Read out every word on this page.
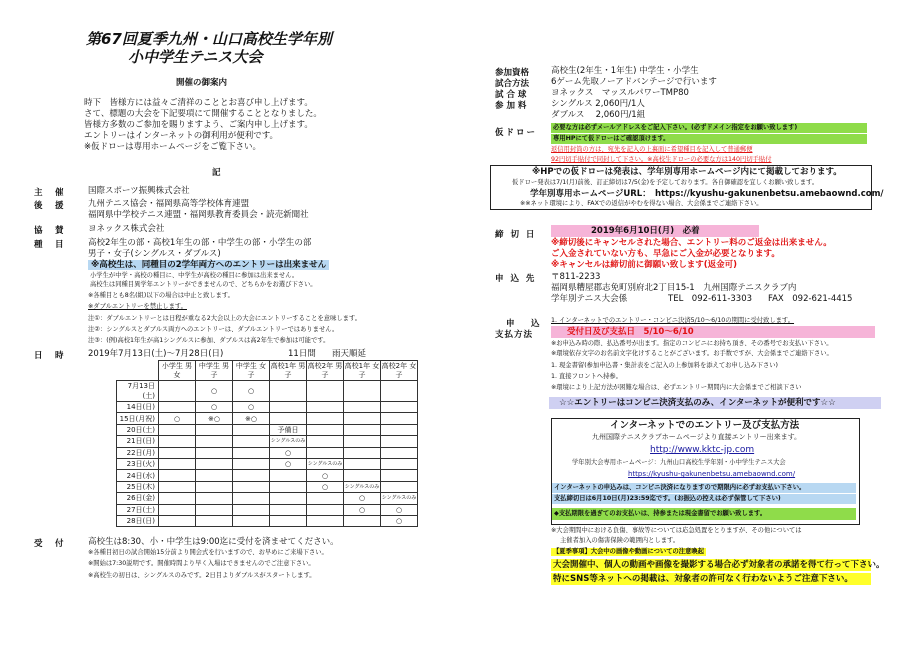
第67回夏季九州・山口高校生学年別
小中学生テニス大会
開催の御案内
時下　皆様方には益々ご清祥のこととお喜び申し上げます。
さて、標題の大会を下記要項にて開催することとなりました。
皆様方多数のご参加を賜りますよう、ご案内申し上げます。
エントリーはインターネットの御利用が便利です。
※仮ドローは専用ホームページをご覧下さい。
記
主　催	国際スポーツ振興株式会社
後　援	九州テニス協会・福岡県高等学校体育連盟
福岡県中学校テニス連盟・福岡県教育委員会・読売新聞社
協　賛	ヨネックス株式会社
種　目	高校2年生の部・高校1年生の部・中学生の部・小学生の部
男子・女子(シングルス・ダブルス)
※高校生は、同種目の2学年両方へのエントリーは出来ません
小学生が中学・高校の種目に、中学生が高校の種目に参加は出来ません。
高校生は同種目異学年エントリーができませんので、どちらかをお選び下さい。
※各種目とも8名(組)以下の場合は中止と致します。
※ダブルエントリーを禁止します。
注①：ダブルエントリーとは日程が重なる2大会以上の大会にエントリーすることを意味します。
注②：シングルスとダブルス両方へのエントリーは、ダブルエントリーではありません。
注③：(例)高校1年生が高1シングルスに参加、ダブルスは高2年生で参加は可能です。
日　時	2019年7月13日(土)～7月28日(日)	11日間 雨天順延
	小学生 男女	中学生 男子	中学生 女子	高校1年 男子	高校2年 男子	高校1年 女子	高校2年 女子
7月13日(土)		○	○				
14日(日)		○	○				
15日(月祝)	○	※○	※○				
20日(土)				予備日			
21日(日)				シングルスのみ			
22日(月)				○			
23日(火)				○	シングルスのみ		
24日(水)					○		
25日(木)					○	シングルスのみ	
26日(金)						○	シングルスのみ
27日(土)						○	○
28日(日)							○
受　付	高校生は8:30、小・中学生は9:00迄に受付を済ませてください。
※各種目初日の試合開始15分前より開会式を行いますので、お早めにご来場下さい。
※開始は7:30説明です。開催時間より早く入場はできませんのでご注意下さい。
※高校生の初日は、シングルスのみです。2日目よりダブルスがスタートします。
参加資格	高校生(2年生・1年生) 中学生・小学生
試合方法	6ゲーム先取ノーアドバンテージで行います
試 合 球	ヨネックス　マッスルパワーTMP80
参 加 料	シングルス 2,060円/1人
ダブルス　 2,060円/1組
仮ドロー
必要な方は必ずメールアドレスをご記入下さい。(必ずドメイン指定をお願い致します)
専用HPにて仮ドローはご確認頂けます。
返信用封筒の方は、宛先を記入の上裏面に希望種目を記入して普通郵便
92円切手貼付で同封して下さい。※高校生ドローの必要な方は140円切手貼付
※HPでの仮ドローは発表は、学年別専用ホームページ内にて掲載しております。
仮ドロー発表は7/1(月)前後、訂正締切は7/5(金)を予定しております。各自御確認を宜しくお願い致します。
学年別専用ホームページURL：　https://kyushu-gakunenbetsu.amebaownd.com/
※※ネット環境により、FAXでの返信がやむを得ない場合、大会係までご連絡下さい。
締 切 日	2019年6月10日(月)　必着
※締切後にキャンセルされた場合、エントリー料のご返金は出来ません。
ご入金されていない方も、早急にご入金が必要となります。
※キャンセルは締切前に御願い致します(返金可)
申 込 先 〒811-2233
福岡県糟屋郡志免町別府北2丁目15-1　九州国際テニスクラブ内
学年別テニス大会係	TEL　092-611-3303 FAX　092-621-4415
申　込
支払方法
1. インターネットでのエントリー・コンビニ決済5/10～6/10の期間に受付致します。
受付日及び支払日　5/10～6/10
※お申込み時の際、払込番号が出ます。指定のコンビニにお持ち頂き、その番号でお支払い下さい。
※環境依存文字のお名前文字化けすることがございます。お手数ですが、大会係までご連絡下さい。
1. 現金書留(参加申込書・集計表をご記入の上参加料を添えてお申し込み下さい)
1. 直接フロントへ持参。
※環境により上記方法が困難な場合は、必ずエントリー期間内に大会係までご相談下さい
☆☆エントリーはコンビニ決済支払のみ、インターネットが便利です☆☆
インターネットでのエントリー及び支払方法
九州国際テニスクラブホームページより直接エントリー出来ます。
http://www.kktc-jp.com
学年別大会専用ホームページ：九州山口高校生学年別・小中学生テニス大会
https://kyushu-gakunenbetsu.amebaownd.com/
インターネットの申込みは、コンビニ決済になりますので期限内に必ずお支払い下さい。
支払締切日は6月10日(月)23:59迄です。(お振込の控えは必ず保管して下さい)
◆支払期限を過ぎてのお支払いは、持参または現金書留でお願い致します。
※大会期間中における負傷、事故等については応急処置をとりますが、その他については
主催者加入の傷害保険の範囲内とします。
【夏季事項】大会中の画像や動画についての注意喚起
大会開催中、個人の動画や画像を撮影する場合必ず対象者の承諾を得て行って下さい。
特にSNS等ネットへの掲載は、対象者の許可なく行わないようご注意下さい。
